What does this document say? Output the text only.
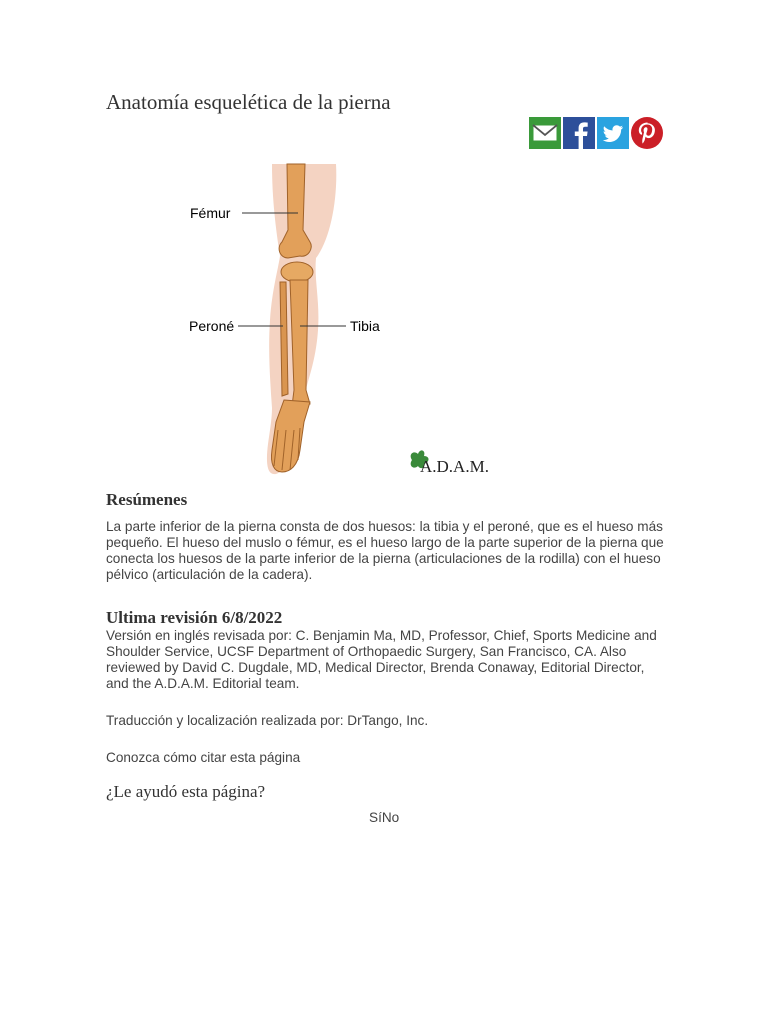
Anatomía esquelética de la pierna
Fémur
Peroné	Tibia
A.D.A.M.
Resúmenes

La parte inferior de la pierna consta de dos huesos: la tibia y el peroné, que es el hueso más pequeño. El hueso del muslo o fémur, es el hueso largo de la parte superior de la pierna que conecta los huesos de la parte inferior de la pierna (articulaciones de la rodilla) con el hueso pélvico (articulación de la cadera).

Ultima revisión 6/8/2022

Versión en inglés revisada por: C. Benjamin Ma, MD, Professor, Chief, Sports Medicine and Shoulder Service, UCSF Department of Orthopaedic Surgery, San Francisco, CA. Also reviewed by David C. Dugdale, MD, Medical Director, Brenda Conaway, Editorial Director, and the A.D.A.M. Editorial team.

Traducción y localización realizada por: DrTango, Inc.

Conozca cómo citar esta página

¿Le ayudó esta página?
SíNo
